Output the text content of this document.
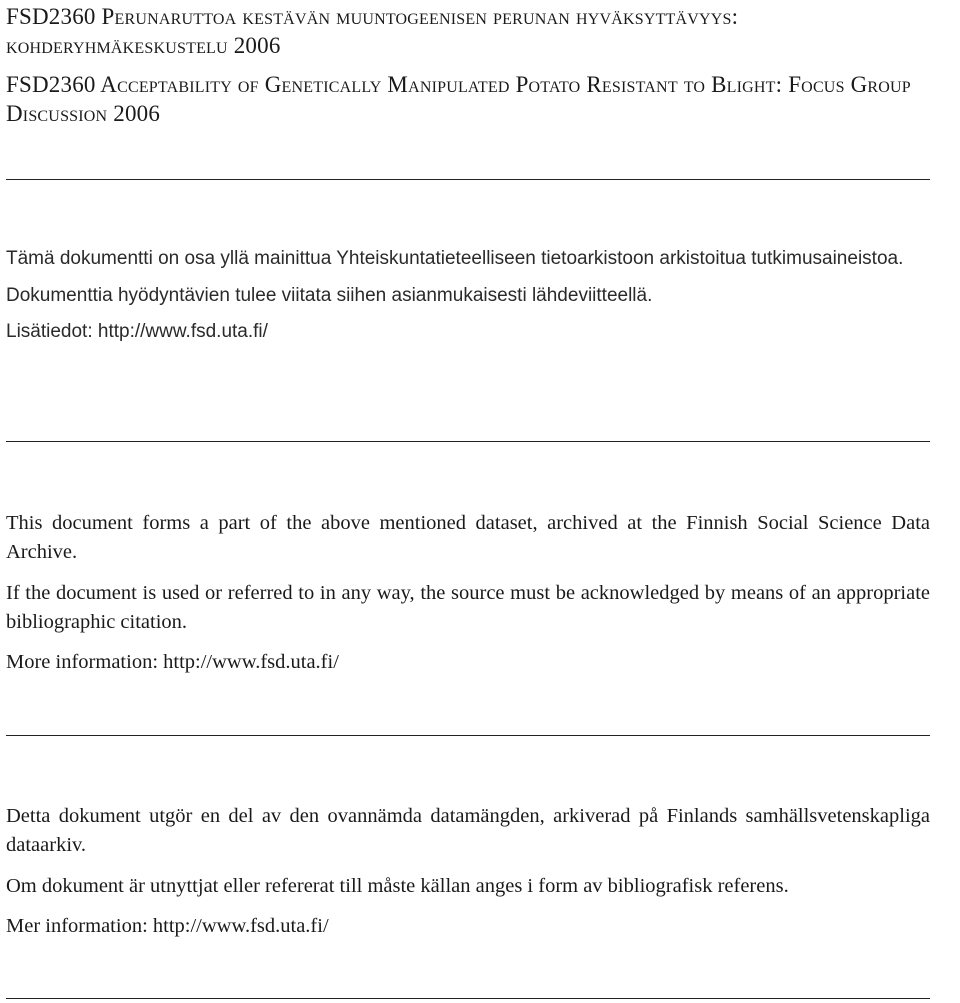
FSD2360 Perunaruttoa kestävän muuntogeenisen perunan hyväksyttävyys: kohderyhmäkeskustelu 2006
FSD2360 Acceptability of Genetically Manipulated Potato Resistant to Blight: Focus Group Discussion 2006

Tämä dokumentti on osa yllä mainittua Yhteiskuntatieteelliseen tietoarkistoon arkistoitua tutkimusaineistoa.

Dokumenttia hyödyntävien tulee viitata siihen asianmukaisesti lähdeviitteellä.

Lisätiedot: http://www.fsd.uta.fi/

This document forms a part of the above mentioned dataset, archived at the Finnish Social Science Data Archive.

If the document is used or referred to in any way, the source must be acknowledged by means of an appropriate bibliographic citation.

More information: http://www.fsd.uta.fi/

Detta dokument utgör en del av den ovannämda datamängden, arkiverad på Finlands samhällsvetenskapliga dataarkiv.

Om dokument är utnyttjat eller refererat till måste källan anges i form av bibliografisk referens.

Mer information: http://www.fsd.uta.fi/
